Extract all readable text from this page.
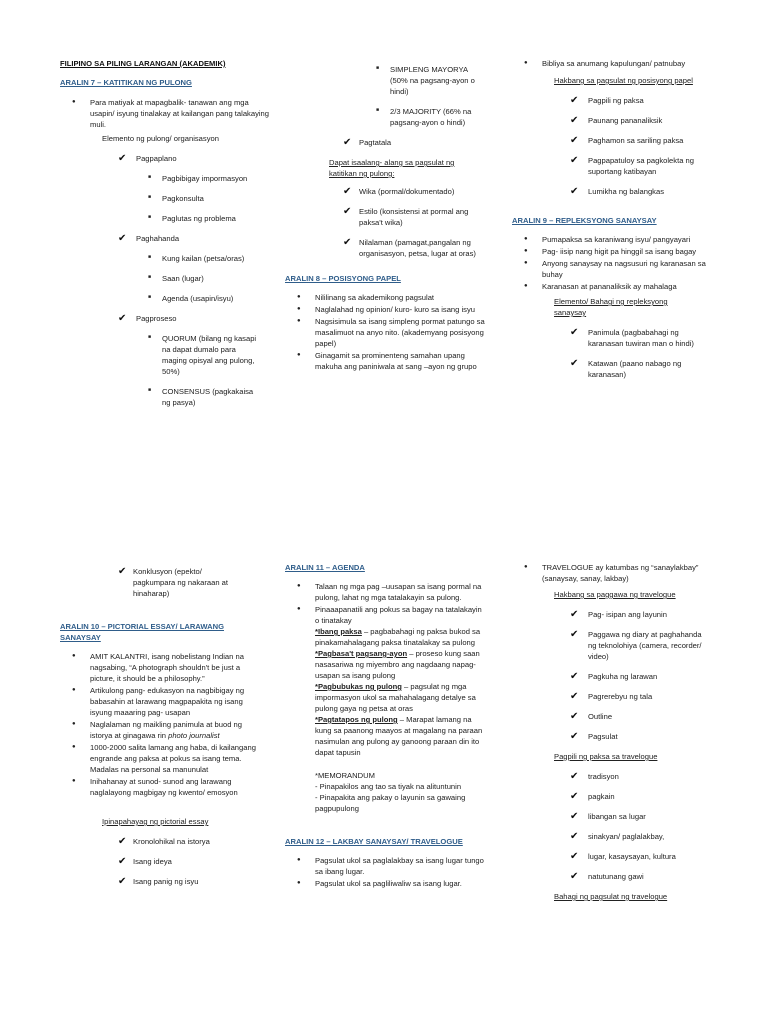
FILIPINO SA PILING LARANGAN (AKADEMIK)
ARALIN 7 – KATITIKAN NG PULONG
● Para matiyak at mapagbalik- tanawan ang mga usapin/ isyung tinalakay at kailangan pang talakaying muli.
Elemento ng pulong/ organisasyon
✔ Pagpaplano
■ Pagbibigay impormasyon
■ Pagkonsulta
■ Paglutas ng problema
✔ Paghahanda
■ Kung kailan (petsa/oras)
■ Saan (lugar)
■ Agenda (usapin/isyu)
✔ Pagproseso
■ QUORUM (bilang ng kasapi na dapat dumalo para maging opisyal ang pulong, 50%)
■ CONSENSUS (pagkakaisa ng pasya)
■ SIMPLENG MAYORYA (50% na pagsang-ayon o hindi)
■ 2/3 MAJORITY (66% na pagsang-ayon o hindi)
✔ Pagtatala
Dapat isaalang- alang sa pagsulat ng katitikan ng pulong:
✔ Wika (pormal/dokumentado)
✔ Estilo (konsistensi at pormal ang paksa't wika)
✔ Nilalaman (pamagat,pangalan ng organisasyon, petsa, lugar at oras)
ARALIN 8 – POSISYONG PAPEL
● Nililinang sa akademikong pagsulat
● Naglalahad ng opinion/ kuro- kuro sa isang isyu
● Nagsisimula sa isang simpleng pormat patungo sa masalimuot na anyo nito. (akademyang posisyong papel)
● Ginagamit sa prominenteng samahan upang makuha ang paniniwala at sang –ayon ng grupo
● Bibliya sa anumang kapulungan/ patnubay
Hakbang sa pagsulat ng posisyong papel
✔ Pagpili ng paksa
✔ Paunang pananaliksik
✔ Paghamon sa sariling paksa
✔ Pagpapatuloy sa pagkolekta ng suportang katibayan
✔ Lumikha ng balangkas
ARALIN 9 – REPLEKSYONG SANAYSAY
● Pumapaksa sa karaniwang isyu/ pangyayari
● Pag- iisip nang higit pa hinggil sa isang bagay
● Anyong sanaysay na nagsusuri ng karanasan sa buhay
● Karanasan at pananaliksik ay mahalaga
Elemento/ Bahagi ng repleksyong sanaysay
✔ Panimula (pagbabahagi ng karanasan tuwiran man o hindi)
✔ Katawan (paano nabago ng karanasan)
✔ Konklusyon (epekto/ pagkumpara ng nakaraan at hinaharap)
ARALIN 10 – PICTORIAL ESSAY/ LARAWANG SANAYSAY
● AMIT KALANTRI, isang nobelistang Indian na nagsabing, “A photograph shouldn't be just a picture, it should be a philosophy.”
● Artikulong pang- edukasyon na nagbibigay ng babasahin at larawang magpapakita ng isang isyung maaaring pag- usapan
● Naglalaman ng maikling panimula at buod ng istorya at ginagawa rin photo journalist
● 1000-2000 salita lamang ang haba, di kailangang engrande ang paksa at pokus sa isang tema. Madalas na personal sa manunulat
● Inihahanay at sunod- sunod ang larawang naglalayong magbigay ng kwento/ emosyon
Ipinapahayag ng pictorial essay
✔ Kronolohikal na istorya
✔ Isang ideya
✔ Isang panig ng isyu
ARALIN 11 – AGENDA
● Talaan ng mga pag –uusapan sa isang pormal na pulong, lahat ng mga tatalakayin sa pulong.

● Pinaaapanatili ang pokus sa bagay na tatalakayin o tinatakay

*Ibang paksa – pagbabahagi ng paksa bukod sa pinakamahalagang paksa tinatalakay sa pulong

*Pagbasa't pagsang-ayon – proseso kung saan nasasariwa ng miyembro ang nagdaang napag-usapan sa isang pulong

*Pagbubukas ng pulong – pagsulat ng mga impormasyon ukol sa mahahalagang detalye sa pulong gaya ng petsa at oras

*Pagtatapos ng pulong – Marapat lamang na kung sa paanong maayos at magalang na paraan nasimulan ang pulong ay ganoong paraan din ito dapat tapusin

*MEMORANDUM
- Pinapakilos ang tao sa tiyak na alituntunin
- Pinapakita ang pakay o layunin sa gawaing pagpupulong
ARALIN 12 – LAKBAY SANAYSAY/ TRAVELOGUE
● Pagsulat ukol sa paglalakbay sa isang lugar tungo sa ibang lugar.
● Pagsulat ukol sa pagliliwaliw sa isang lugar.
● TRAVELOGUE ay katumbas ng “sanaylakbay” (sanaysay, sanay, lakbay)
Hakbang sa paggawa ng travelogue
✔ Pag- isipan ang layunin
✔ Paggawa ng diary at paghahanda ng teknolohiya (camera, recorder/ video)
✔ Pagkuha ng larawan
✔ Pagrerebyu ng tala
✔ Outline
✔ Pagsulat
Pagpili ng paksa sa travelogue
✔ tradisyon
✔ pagkain
✔ libangan sa lugar
✔ sinakyan/ paglalakbay,
✔ lugar, kasaysayan, kultura
✔ natutunang gawi
Bahagi ng pagsulat ng travelogue
